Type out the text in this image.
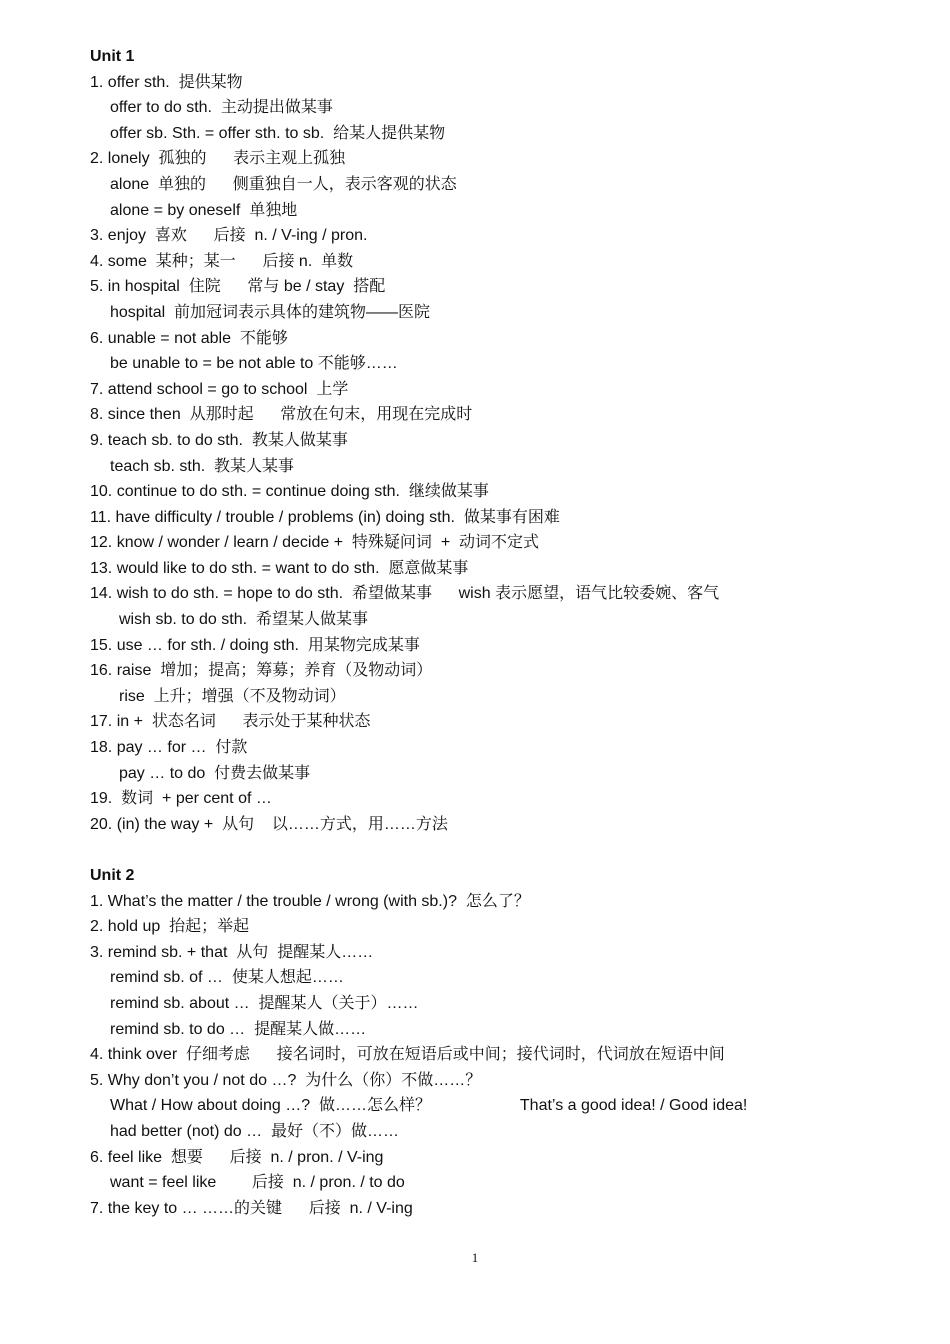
Unit 1
1. offer sth.  提供某物
offer to do sth.  主动提出做某事
offer sb. Sth. = offer sth. to sb.  给某人提供某物
2. lonely  孤独的      表示主观上孤独
alone  单独的      侧重独自一人，表示客观的状态
alone = by oneself  单独地
3. enjoy  喜欢      后接  n. / V-ing / pron.
4. some  某种；某一      后接 n.  单数
5. in hospital  住院      常与 be / stay  搭配
hospital  前加冠词表示具体的建筑物——医院
6. unable = not able  不能够
be unable to = be not able to 不能够……
7. attend school = go to school  上学
8. since then  从那时起      常放在句末，用现在完成时
9. teach sb. to do sth.  教某人做某事
teach sb. sth.  教某人某事
10. continue to do sth. = continue doing sth.  继续做某事
11. have difficulty / trouble / problems (in) doing sth.  做某事有困难
12. know / wonder / learn / decide +  特殊疑问词  +  动词不定式
13. would like to do sth. = want to do sth.  愿意做某事
14. wish to do sth. = hope to do sth.  希望做某事      wish 表示愿望，语气比较委婉、客气
wish sb. to do sth.  希望某人做某事
15. use … for sth. / doing sth.  用某物完成某事
16. raise  增加；提高；筹募；养育（及物动词）
rise  上升；增强（不及物动词）
17. in +  状态名词      表示处于某种状态
18. pay … for …  付款
pay … to do  付费去做某事
19.  数词  + per cent of …
20. (in) the way +  从句    以……方式，用……方法
Unit 2
1. What’s the matter / the trouble / wrong (with sb.)?  怎么了？
2. hold up  抬起；举起
3. remind sb. + that  从句  提醒某人……
remind sb. of …  使某人想起……
remind sb. about …  提醒某人（关于）……
remind sb. to do …  提醒某人做……
4. think over  仔细考虑      接名词时，可放在短语后或中间；接代词时，代词放在短语中间
5. Why don’t you / not do …?  为什么（你）不做……？
What / How about doing …?  做……怎么样？                    That’s a good idea! / Good idea!
had better (not) do …  最好（不）做……
6. feel like  想要      后接  n. / pron. / V-ing
want = feel like        后接  n. / pron. / to do
7. the key to … ……的关键      后接  n. / V-ing
1
